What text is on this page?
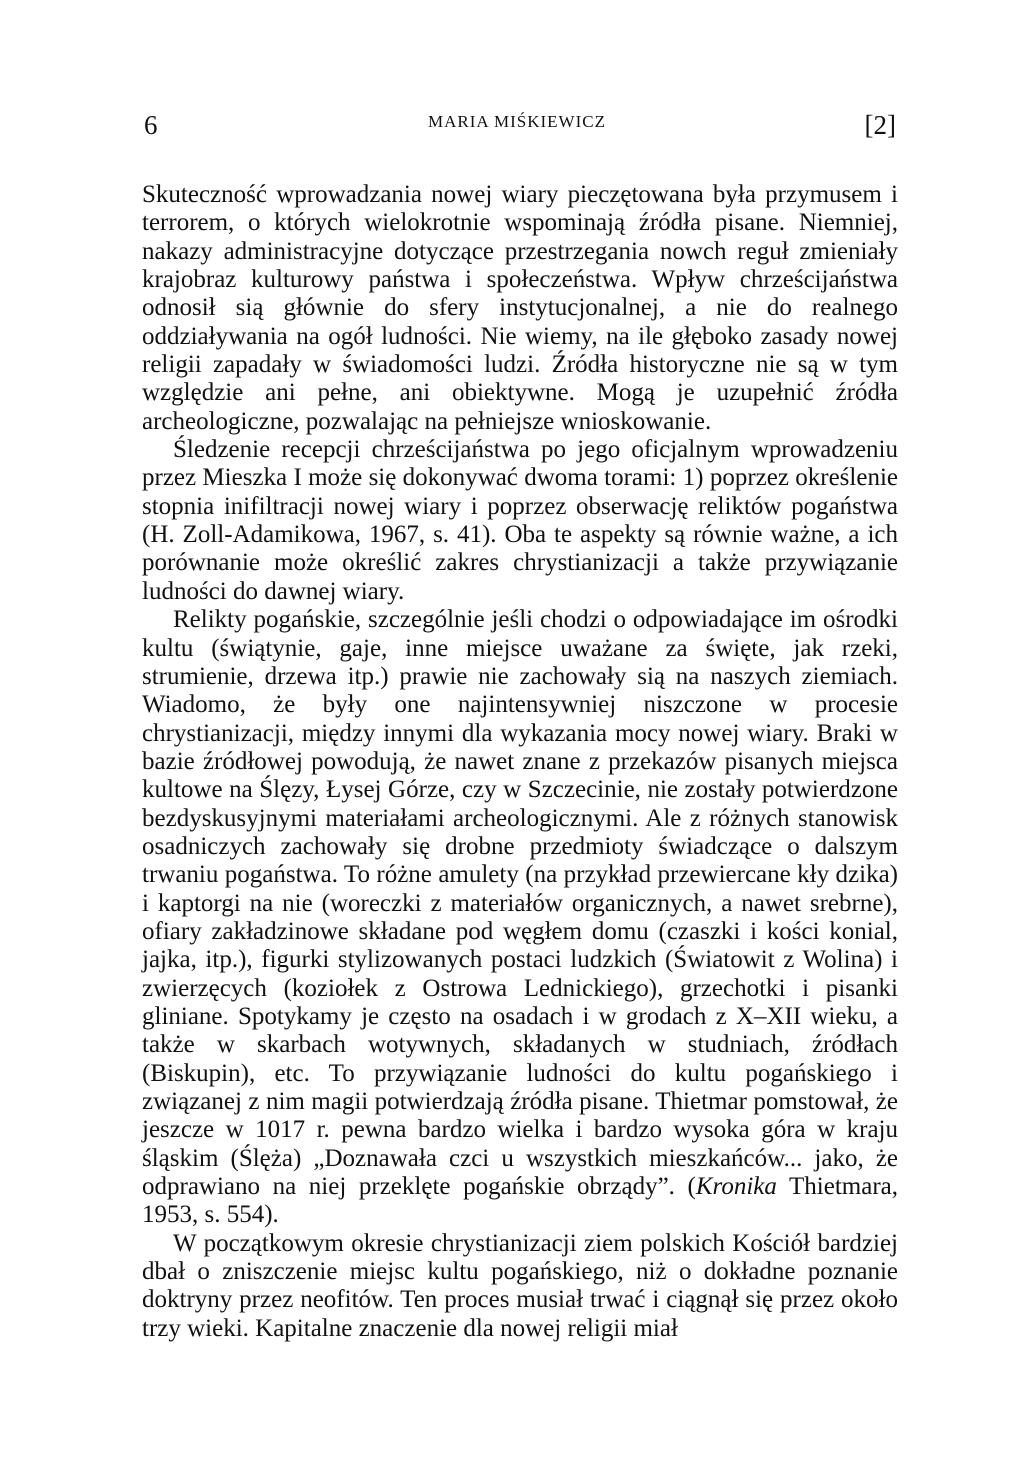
6	MARIA MIŚKIEWICZ	[2]

Skuteczność wprowadzania nowej wiary pieczętowana była przymusem i terrorem, o których wielokrotnie wspominają źródła pisane. Niemniej, nakazy administracyjne dotyczące przestrzegania nowch reguł zmieniały krajobraz kulturowy państwa i społeczeństwa. Wpływ chrześcijaństwa odnosił sią głównie do sfery instytucjonalnej, a nie do realnego oddziaływania na ogół ludności. Nie wiemy, na ile głęboko zasady nowej religii zapadały w świadomości ludzi. Źródła historyczne nie są w tym względzie ani pełne, ani obiektywne. Mogą je uzupełnić źródła archeologiczne, pozwalając na pełniejsze wnioskowanie.

Śledzenie recepcji chrześcijaństwa po jego oficjalnym wprowadzeniu przez Mieszka I może się dokonywać dwoma torami: 1) poprzez określenie stopnia inifiltracji nowej wiary i poprzez obserwację reliktów pogaństwa (H. Zoll-Adamikowa, 1967, s. 41). Oba te aspekty są równie ważne, a ich porównanie może określić zakres chrystianizacji a także przywiązanie ludności do dawnej wiary.

Relikty pogańskie, szczególnie jeśli chodzi o odpowiadające im ośrodki kultu (świątynie, gaje, inne miejsce uważane za święte, jak rzeki, strumienie, drzewa itp.) prawie nie zachowały sią na naszych ziemiach. Wiadomo, że były one najintensywniej niszczone w procesie chrystianizacji, między innymi dla wykazania mocy nowej wiary. Braki w bazie źródłowej powodują, że nawet znane z przekazów pisanych miejsca kultowe na Ślęzy, Łysej Górze, czy w Szczecinie, nie zostały potwierdzone bezdyskusyjnymi materiałami archeologicznymi. Ale z różnych stanowisk osadniczych zachowały się drobne przedmioty świadczące o dalszym trwaniu pogaństwa. To różne amulety (na przykład przewiercane kły dzika) i kaptorgi na nie (woreczki z materiałów organicznych, a nawet srebrne), ofiary zakładzinowe składane pod węgłem domu (czaszki i kości konial, jajka, itp.), figurki stylizowanych postaci ludzkich (Światowit z Wolina) i zwierzęcych (koziołek z Ostrowa Lednickiego), grzechotki i pisanki gliniane. Spotykamy je często na osadach i w grodach z X–XII wieku, a także w skarbach wotywnych, składanych w studniach, źródłach (Biskupin), etc. To przywiązanie ludności do kultu pogańskiego i związanej z nim magii potwierdzają źródła pisane. Thietmar pomstował, że jeszcze w 1017 r. pewna bardzo wielka i bardzo wysoka góra w kraju śląskim (Ślęża) „Doznawała czci u wszystkich mieszkańców... jako, że odprawiano na niej przeklęte pogańskie obrządy”. (Kronika Thietmara, 1953, s. 554).

W początkowym okresie chrystianizacji ziem polskich Kościół bardziej dbał o zniszczenie miejsc kultu pogańskiego, niż o dokładne poznanie doktryny przez neofitów. Ten proces musiał trwać i ciągnął się przez około trzy wieki. Kapitalne znaczenie dla nowej religii miał
